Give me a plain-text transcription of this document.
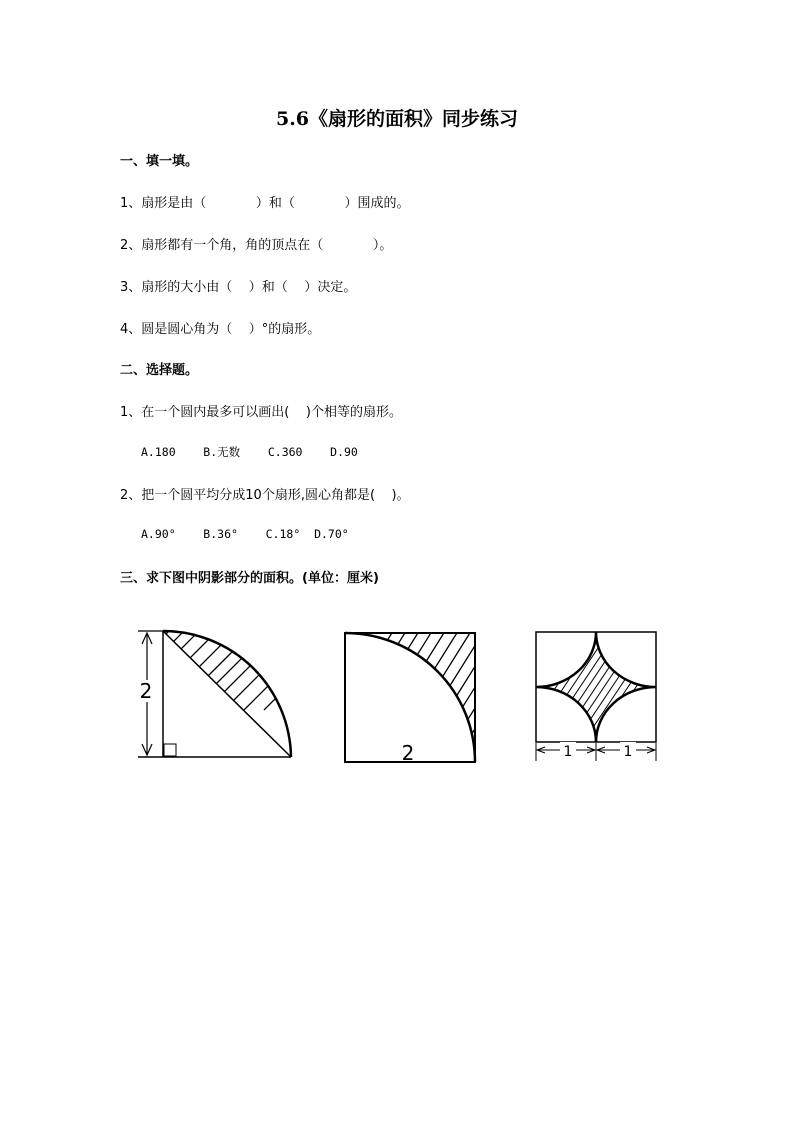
5.6《扇形的面积》同步练习
一、填一填。
1、扇形是由（            ）和（            ）围成的。
2、扇形都有一个角，角的顶点在（            ）。
3、扇形的大小由（    ）和（    ）决定。
4、圆是圆心角为（    ）°的扇形。
二、选择题。
1、在一个圆内最多可以画出(    )个相等的扇形。
A.180    B.无数    C.360    D.90
2、把一个圆平均分成10个扇形,圆心角都是(    )。
A.90°    B.36°    C.18°  D.70°
三、求下图中阴影部分的面积。(单位：厘米)
2
2	1	1
